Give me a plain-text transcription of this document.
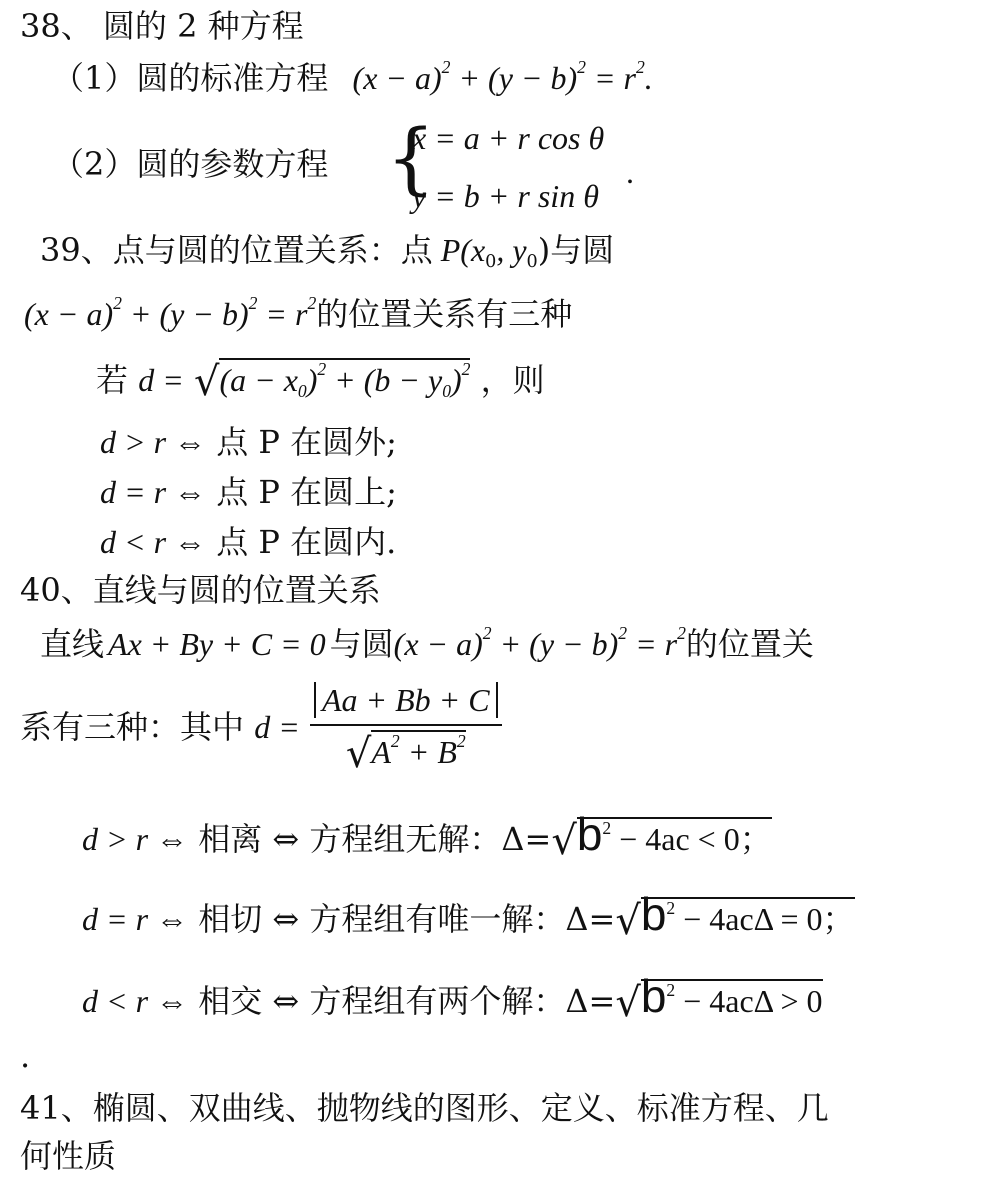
38、 圆的 2 种方程
（1）圆的标准方程 $(x - a)^2 + (y - b)^2 = r^2$.
（2）圆的参数方程 {
x = a + r cos θ
y = b + r sin θ
.
39、点与圆的位置关系：点 $P(x_0$, $y_0$)与圆
$(x - a)^2 + (y - b)^2 = r^2$的位置关系有三种
若 $d = √(a - x_0)^2 + (b - y_0)^2$ ，则
d > r ⇔ 点 P 在圆外;
d = r ⇔ 点 P 在圆上;
d < r ⇔ 点 P 在圆内.
40、直线与圆的位置关系
直线 Ax + By + C = 0 与圆$(x - a)^2 + (y - b)^2 = r^2$的位置关
系有三种：其中 $d = \frac{Aa + Bb + C}{√A^2 + B^2}$
d > r ⇔ 相离 ⇔ 方程组无解：$\Delta=√b^2 - 4ac < 0$；
d = r ⇔ 相切 ⇔ 方程组有唯一解：$\Delta=√b^2 - 4ac\Delta = 0$；
d < r ⇔ 相交 ⇔ 方程组有两个解：$\Delta=√b^2 - 4ac\Delta > 0$
.
41、椭圆、双曲线、抛物线的图形、定义、标准方程、几
何性质
